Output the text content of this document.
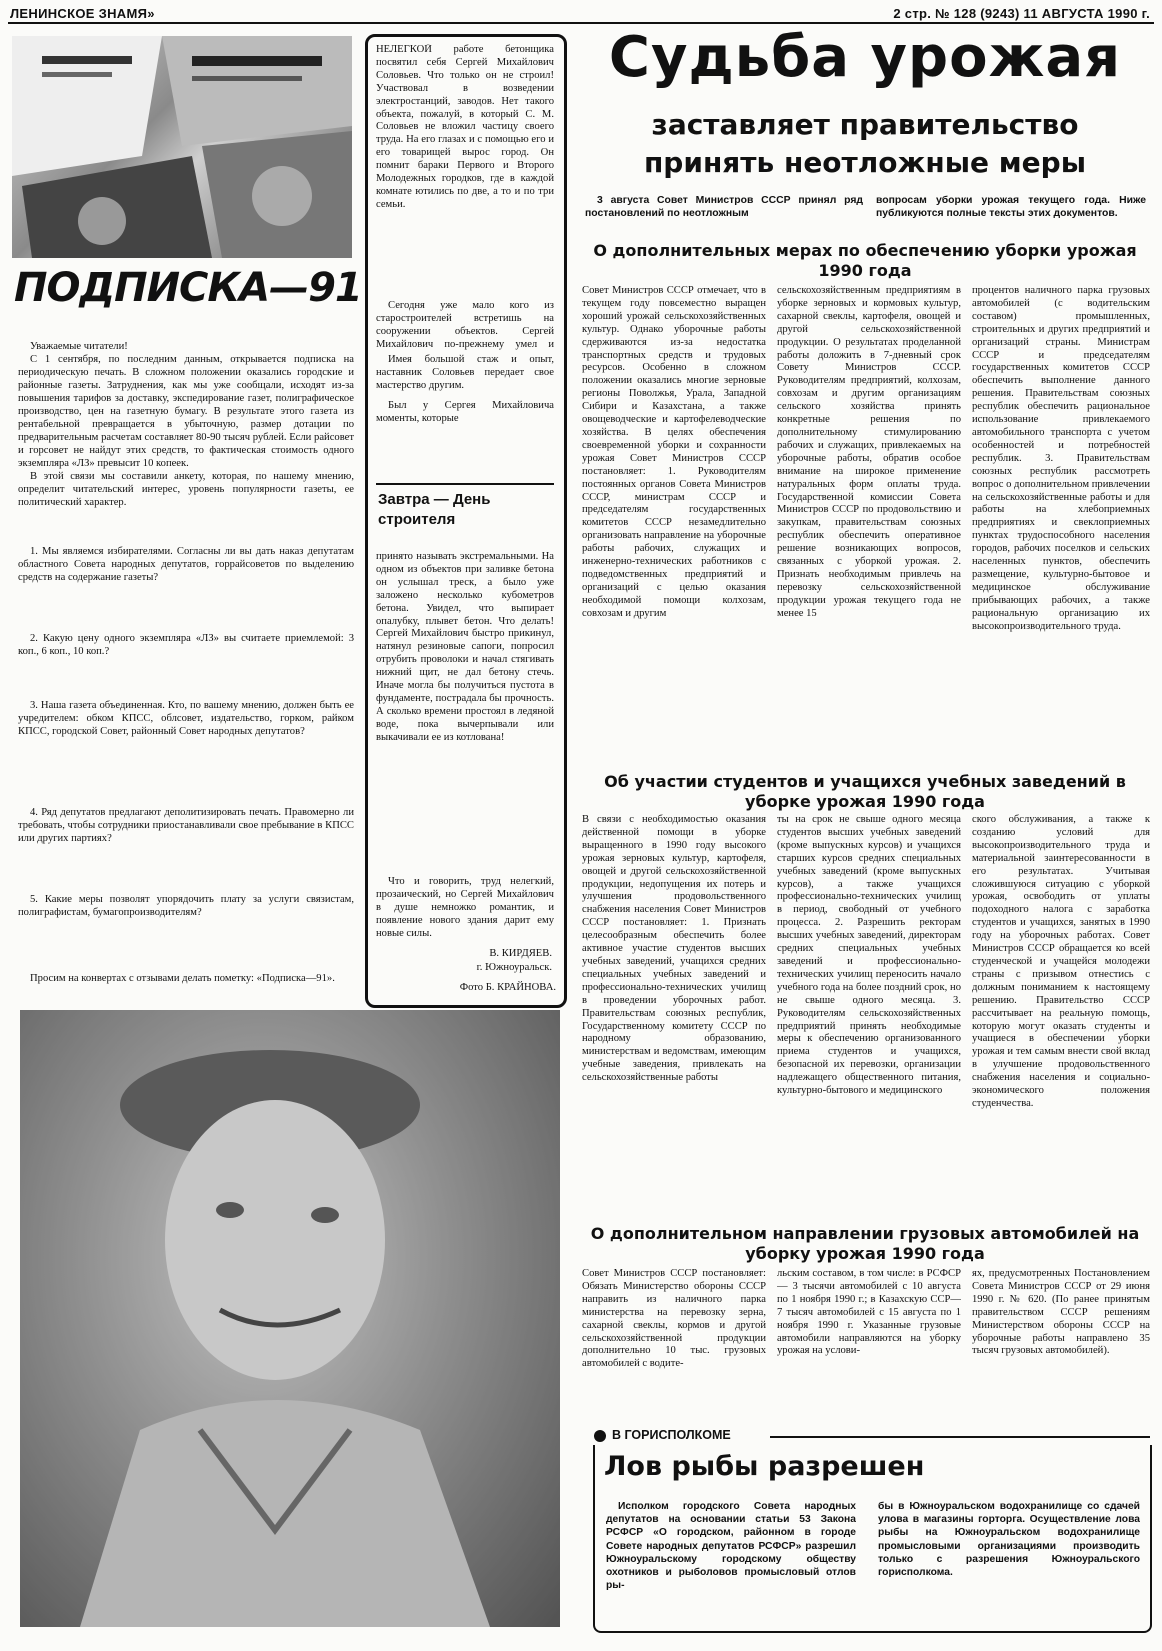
ЛЕНИНСКОЕ ЗНАМЯ»	2 стр. № 128 (9243) 11 АВГУСТА 1990 г.
ПОДПИСКА—91
Уважаемые читатели!
С 1 сентября, по последним данным, открывается подписка на периодическую печать. В сложном положении оказались городские и районные газеты. Затруднения, как мы уже сообщали, исходят из-за повышения тарифов за доставку, экспедирование газет, полиграфическое производство, цен на газетную бумагу. В результате этого газета из рентабельной превращается в убыточную, размер дотации по предварительным расчетам составляет 80-90 тысяч рублей. Если райсовет и горсовет не найдут этих средств, то фактическая стоимость одного экземпляра «ЛЗ» превысит 10 копеек.
В этой связи мы составили анкету, которая, по нашему мнению, определит читательский интерес, уровень популярности газеты, ее политический характер.
1. Мы являемся избирателями. Согласны ли вы дать наказ депутатам областного Совета народных депутатов, горрайсоветов по выделению средств на содержание газеты?
2. Какую цену одного экземпляра «ЛЗ» вы считаете приемлемой: 3 коп., 6 коп., 10 коп.?
3. Наша газета объединенная. Кто, по вашему мнению, должен быть ее учредителем: обком КПСС, облсовет, издательство, горком, райком КПСС, городской Совет, районный Совет народных депутатов?
4. Ряд депутатов предлагают деполитизировать печать. Правомерно ли требовать, чтобы сотрудники приостанавливали свое пребывание в КПСС или других партиях?
5. Какие меры позволят упорядочить плату за услуги связистам, полиграфистам, бумагопроизводителям?
Просим на конвертах с отзывами делать пометку: «Подписка—91».
НЕЛЕГКОЙ работе бетонщика посвятил себя Сергей Михайлович Соловьев. Что только он не строил! Участвовал в возведении электростанций, заводов. Нет такого объекта, пожалуй, в который С. М. Соловьев не вложил частицу своего труда. На его глазах и с помощью его и его товарищей вырос город. Он помнит бараки Первого и Второго Молодежных городков, где в каждой комнате ютились по две, а то и по три семьи.
Сегодня уже мало кого из старостроителей встретишь на сооружении объектов. Сергей Михайлович по-прежнему умел и
Имея большой стаж и опыт, наставник Соловьев передает свое мастерство другим.
Был у Сергея Михайловича моменты, которые
Завтра — День строителя
принято называть экстремальными. На одном из объектов при заливке бетона он услышал треск, а было уже заложено несколько кубометров бетона. Увидел, что выпирает опалубку, плывет бетон. Что делать! Сергей Михайлович быстро прикинул, натянул резиновые сапоги, попросил отрубить проволоки и начал стягивать нижний щит, не дал бетону стечь. Иначе могла бы получиться пустота в фундаменте, пострадала бы прочность. А сколько времени простоял в ледяной воде, пока вычерпывали или выкачивали ее из котлована!
Что и говорить, труд нелегкий, прозаический, но Сергей Михайлович в душе немножко романтик, и появление нового здания дарит ему новые силы.
В. КИРДЯЕВ.
г. Южноуральск.
Фото Б. КРАЙНОВА.
Судьба урожая
заставляет правительство
принять неотложные меры
3 августа Совет Министров СССР принял ряд постановлений по неотложным
вопросам уборки урожая текущего года. Ниже публикуются полные тексты этих документов.
О дополнительных мерах по обеспечению уборки урожая 1990 года
Совет Министров СССР отмечает, что в текущем году повсеместно выращен хороший урожай сельскохозяйственных культур. Однако уборочные работы сдерживаются из-за недостатка транспортных средств и трудовых ресурсов. Особенно в сложном положении оказались многие зерновые регионы Поволжья, Урала, Западной Сибири и Казахстана, а также овощеводческие и картофелеводческие хозяйства. В целях обеспечения своевременной уборки и сохранности урожая Совет Министров СССР постановляет: 1. Руководителям постоянных органов Совета Министров СССР, министрам СССР и председателям государственных комитетов СССР незамедлительно организовать направление на уборочные работы рабочих, служащих и инженерно-технических работников с подведомственных предприятий и организаций с целью оказания необходимой помощи колхозам, совхозам и другим
сельскохозяйственным предприятиям в уборке зерновых и кормовых культур, сахарной свеклы, картофеля, овощей и другой сельскохозяйственной продукции. О результатах проделанной работы доложить в 7-дневный срок Совету Министров СССР. Руководителям предприятий, колхозам, совхозам и другим организациям сельского хозяйства принять конкретные решения по дополнительному стимулированию рабочих и служащих, привлекаемых на уборочные работы, обратив особое внимание на широкое применение натуральных форм оплаты труда. Государственной комиссии Совета Министров СССР по продовольствию и закупкам, правительствам союзных республик обеспечить оперативное решение возникающих вопросов, связанных с уборкой урожая. 2. Признать необходимым привлечь на перевозку сельскохозяйственной продукции урожая текущего года не менее 15
процентов наличного парка грузовых автомобилей (с водительским составом) промышленных, строительных и других предприятий и организаций страны. Министрам СССР и председателям государственных комитетов СССР обеспечить выполнение данного решения. Правительствам союзных республик обеспечить рациональное использование привлекаемого автомобильного транспорта с учетом особенностей и потребностей республик. 3. Правительствам союзных республик рассмотреть вопрос о дополнительном привлечении на сельскохозяйственные работы и для работы на хлебоприемных предприятиях и свеклоприемных пунктах трудоспособного населения городов, рабочих поселков и сельских населенных пунктов, обеспечить размещение, культурно-бытовое и медицинское обслуживание прибывающих рабочих, а также рациональную организацию их высокопроизводительного труда.
Об участии студентов и учащихся учебных заведений в уборке урожая 1990 года
В связи с необходимостью оказания действенной помощи в уборке выращенного в 1990 году высокого урожая зерновых культур, картофеля, овощей и другой сельскохозяйственной продукции, недопущения их потерь и улучшения продовольственного снабжения населения Совет Министров СССР постановляет: 1. Признать целесообразным обеспечить более активное участие студентов высших учебных заведений, учащихся средних специальных учебных заведений и профессионально-технических училищ в проведении уборочных работ. Правительствам союзных республик, Государственному комитету СССР по народному образованию, министерствам и ведомствам, имеющим учебные заведения, привлекать на сельскохозяйственные работы
ты на срок не свыше одного месяца студентов высших учебных заведений (кроме выпускных курсов) и учащихся старших курсов средних специальных учебных заведений (кроме выпускных курсов), а также учащихся профессионально-технических училищ в период, свободный от учебного процесса. 2. Разрешить ректорам высших учебных заведений, директорам средних специальных учебных заведений и профессионально-технических училищ переносить начало учебного года на более поздний срок, но не свыше одного месяца. 3. Руководителям сельскохозяйственных предприятий принять необходимые меры к обеспечению организованного приема студентов и учащихся, безопасной их перевозки, организации надлежащего общественного питания, культурно-бытового и медицинского
ского обслуживания, а также к созданию условий для высокопроизводительного труда и материальной заинтересованности в его результатах. Учитывая сложившуюся ситуацию с уборкой урожая, освободить от уплаты подоходного налога с заработка студентов и учащихся, занятых в 1990 году на уборочных работах. Совет Министров СССР обращается ко всей студенческой и учащейся молодежи страны с призывом отнестись с должным пониманием к настоящему решению. Правительство СССР рассчитывает на реальную помощь, которую могут оказать студенты и учащиеся в обеспечении уборки урожая и тем самым внести свой вклад в улучшение продовольственного снабжения населения и социально-экономического положения студенчества.
О дополнительном направлении грузовых автомобилей на уборку урожая 1990 года
Совет Министров СССР постановляет: Обязать Министерство обороны СССР направить из наличного парка министерства на перевозку зерна, сахарной свеклы, кормов и другой сельскохозяйственной продукции дополнительно 10 тыс. грузовых автомобилей с водите-
льским составом, в том числе: в РСФСР — 3 тысячи автомобилей с 10 августа по 1 ноября 1990 г.; в Казахскую ССР—7 тысяч автомобилей с 15 августа по 1 ноября 1990 г. Указанные грузовые автомобили направляются на уборку урожая на услови-
ях, предусмотренных Постановлением Совета Министров СССР от 29 июня 1990 г. № 620. (По ранее принятым правительством СССР решениям Министерством обороны СССР на уборочные работы направлено 35 тысяч грузовых автомобилей).
В ГОРИСПОЛКОМЕ
Лов рыбы разрешен
Исполком городского Совета народных депутатов на основании статьи 53 Закона РСФСР «О городском, районном в городе Совете народных депутатов РСФСР» разрешил Южноуральскому городскому обществу охотников и рыболовов промысловый отлов ры-
бы в Южноуральском водохранилище со сдачей улова в магазины горторга. Осуществление лова рыбы на Южноуральском водохранилище промысловыми организациями производить только с разрешения Южноуральского горисполкома.
